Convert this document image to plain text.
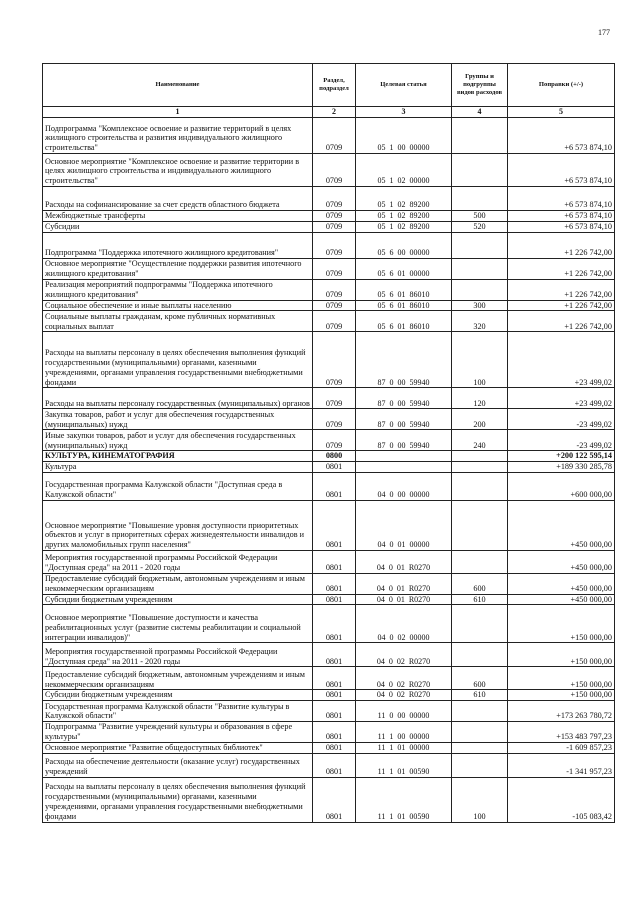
177
Наименование	Раздел, подраздел	Целевая статья	Группы и подгруппы видов расходов	Поправки (+/-)
1	2	3	4	5
Подпрограмма "Комплексное освоение и развитие территорий в целях жилищного строительства и развития индивидуального жилищного строительства"	0709	05  1  00  00000		+6 573 874,10
Основное мероприятие "Комплексное освоение и развитие территории в целях жилищного строительства и индивидуального жилищного строительства"	0709	05  1  02  00000		+6 573 874,10
Расходы на софинансирование за счет средств областного бюджета	0709	05  1  02  89200		+6 573 874,10
Межбюджетные трансферты	0709	05  1  02  89200	500	+6 573 874,10
Субсидии	0709	05  1  02  89200	520	+6 573 874,10
Подпрограмма "Поддержка ипотечного жилищного кредитования"	0709	05  6  00  00000		+1 226 742,00
Основное мероприятие "Осуществление поддержки развития ипотечного жилищного кредитования"	0709	05  6  01  00000		+1 226 742,00
Реализация мероприятий подпрограммы "Поддержка ипотечного жилищного кредитования"	0709	05  6  01  86010		+1 226 742,00
Социальное обеспечение и иные выплаты населению	0709	05  6  01  86010	300	+1 226 742,00
Социальные выплаты гражданам, кроме публичных нормативных социальных выплат	0709	05  6  01  86010	320	+1 226 742,00
Расходы на выплаты персоналу в целях обеспечения выполнения функций государственными (муниципальными) органами, казенными учреждениями, органами управления государственными внебюджетными фондами	0709	87  0  00  59940	100	+23 499,02
Расходы на выплаты персоналу государственных (муниципальных) органов	0709	87  0  00  59940	120	+23 499,02
Закупка товаров, работ и услуг для обеспечения государственных (муниципальных) нужд	0709	87  0  00  59940	200	-23 499,02
Иные закупки товаров, работ и услуг для обеспечения государственных (муниципальных) нужд	0709	87  0  00  59940	240	-23 499,02
КУЛЬТУРА, КИНЕМАТОГРАФИЯ	0800			+200 122 595,14
Культура	0801			+189 330 285,78
Государственная программа Калужской области "Доступная среда в Калужской области"	0801	04  0  00  00000		+600 000,00
Основное мероприятие "Повышение уровня доступности приоритетных объектов и услуг в приоритетных сферах жизнедеятельности инвалидов и других маломобильных групп населения"	0801	04  0  01  00000		+450 000,00
Мероприятия государственной программы Российской Федерации "Доступная среда" на 2011 - 2020 годы	0801	04  0  01  R0270		+450 000,00
Предоставление субсидий бюджетным, автономным учреждениям и иным некоммерческим организациям	0801	04  0  01  R0270	600	+450 000,00
Субсидии бюджетным учреждениям	0801	04  0  01  R0270	610	+450 000,00
Основное мероприятие "Повышение доступности и качества реабилитационных услуг (развитие системы реабилитации и социальной интеграции инвалидов)"	0801	04  0  02  00000		+150 000,00
Мероприятия государственной программы Российской Федерации "Доступная среда" на 2011 - 2020 годы	0801	04  0  02  R0270		+150 000,00
Предоставление субсидий бюджетным, автономным учреждениям и иным некоммерческим организациям	0801	04  0  02  R0270	600	+150 000,00
Субсидии бюджетным учреждениям	0801	04  0  02  R0270	610	+150 000,00
Государственная программа Калужской области "Развитие культуры в Калужской области"	0801	11  0  00  00000		+173 263 780,72
Подпрограмма "Развитие учреждений культуры и образования в сфере культуры"	0801	11  1  00  00000		+153 483 797,23
Основное мероприятие "Развитие общедоступных библиотек"	0801	11  1  01  00000		-1 609 857,23
Расходы на обеспечение деятельности (оказание услуг) государственных учреждений	0801	11  1  01  00590		-1 341 957,23
Расходы на выплаты персоналу в целях обеспечения выполнения функций государственными (муниципальными) органами, казенными учреждениями, органами управления государственными внебюджетными фондами	0801	11  1  01  00590	100	-105 083,42
